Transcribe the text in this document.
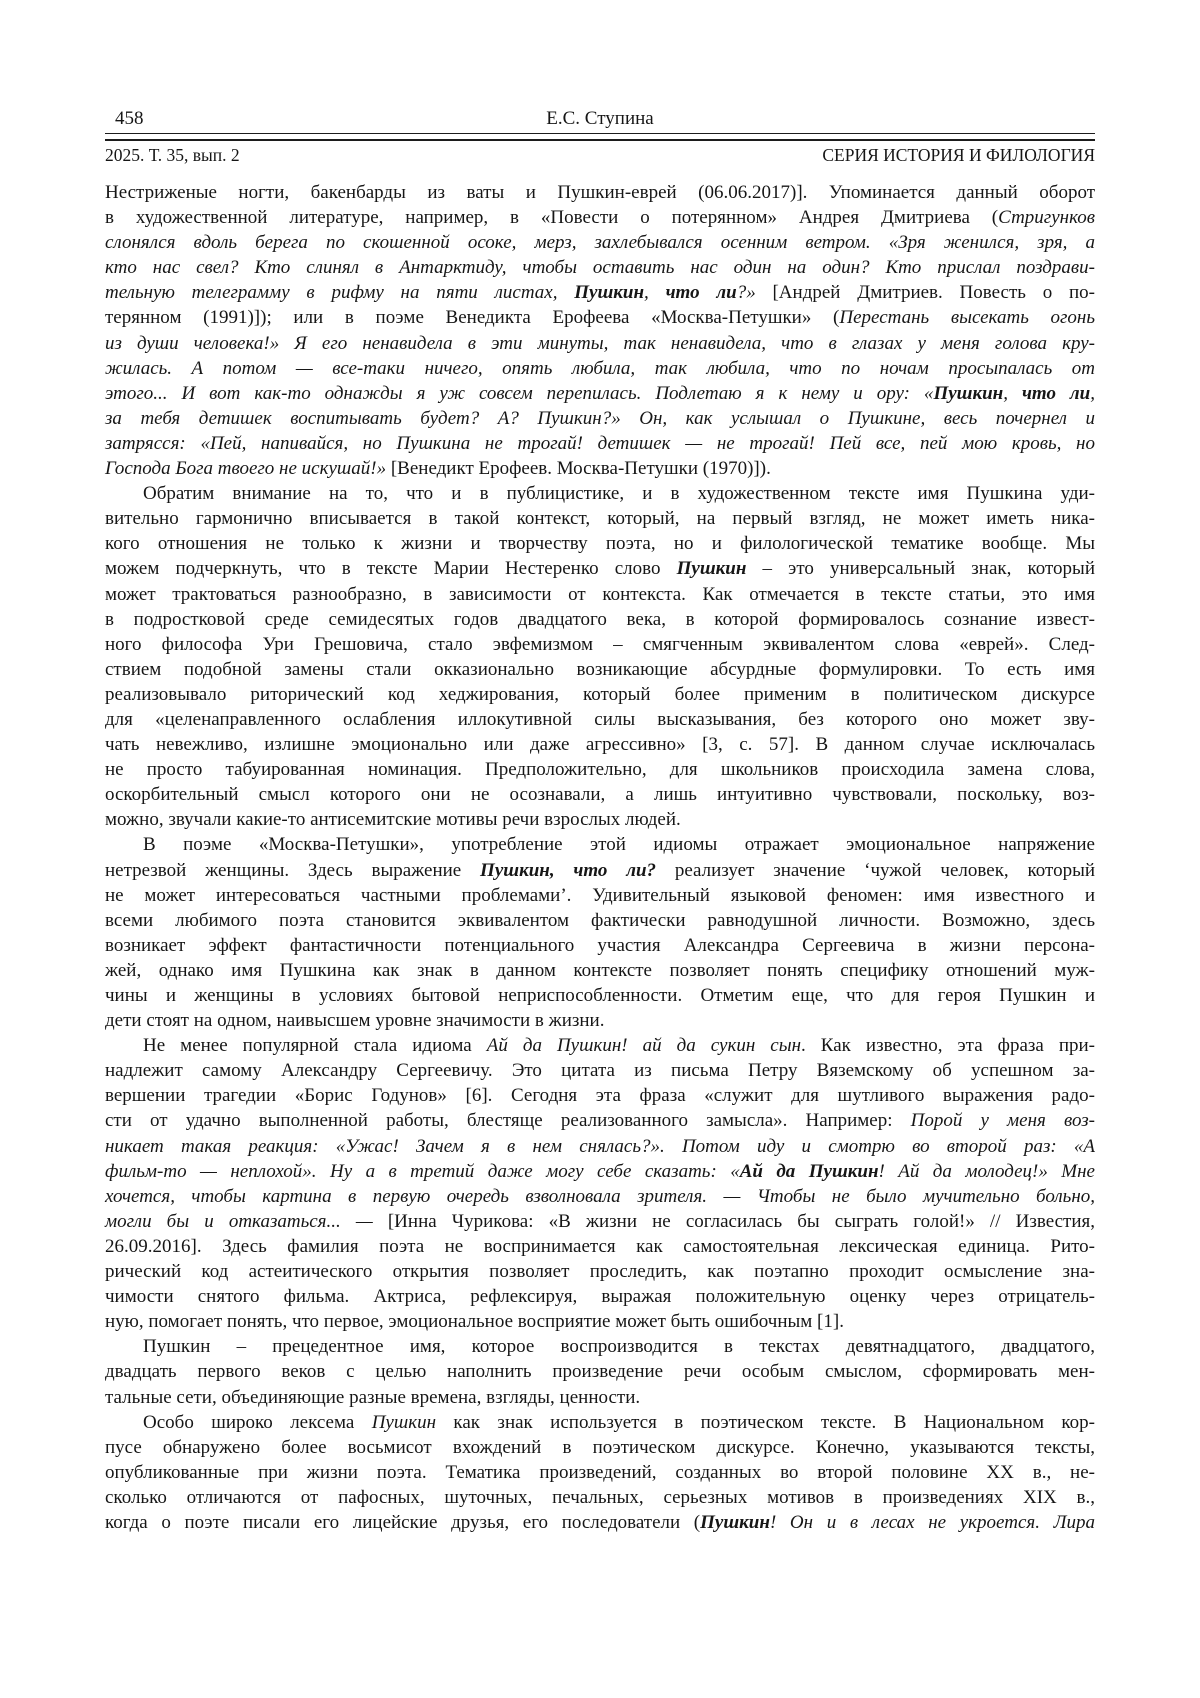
458	Е.С. Ступина
2025. Т. 35, вып. 2	СЕРИЯ ИСТОРИЯ И ФИЛОЛОГИЯ
Нестриженые ногти, бакенбарды из ваты и Пушкин-еврей (06.06.2017)]. Упоминается данный оборот
в художественной литературе, например, в «Повести о потерянном» Андрея Дмитриева (Стригунков
слонялся вдоль берега по скошенной осоке, мерз, захлебывался осенним ветром. «Зря женился, зря, а
кто нас свел? Кто слинял в Антарктиду, чтобы оставить нас один на один? Кто прислал поздрави-
тельную телеграмму в рифму на пяти листах, Пушкин, что ли?» [Андрей Дмитриев. Повесть о по-
терянном (1991)]); или в поэме Венедикта Ерофеева «Москва-Петушки» (Перестань высекать огонь
из души человека!» Я его ненавидела в эти минуты, так ненавидела, что в глазах у меня голова кру-
жилась. А потом — все-таки ничего, опять любила, так любила, что по ночам просыпалась от
этого... И вот как-то однажды я уж совсем перепилась. Подлетаю я к нему и ору: «Пушкин, что ли,
за тебя детишек воспитывать будет? А? Пушкин?» Он, как услышал о Пушкине, весь почернел и
затрясся: «Пей, напивайся, но Пушкина не трогай! детишек — не трогай! Пей все, пей мою кровь, но
Господа Бога твоего не искушай!» [Венедикт Ерофеев. Москва-Петушки (1970)]).
Обратим внимание на то, что и в публицистике, и в художественном тексте имя Пушкина уди-
вительно гармонично вписывается в такой контекст, который, на первый взгляд, не может иметь ника-
кого отношения не только к жизни и творчеству поэта, но и филологической тематике вообще. Мы
можем подчеркнуть, что в тексте Марии Нестеренко слово Пушкин – это универсальный знак, который
может трактоваться разнообразно, в зависимости от контекста. Как отмечается в тексте статьи, это имя
в подростковой среде семидесятых годов двадцатого века, в которой формировалось сознание извест-
ного философа Ури Грешовича, стало эвфемизмом – смягченным эквивалентом слова «еврей». След-
ствием подобной замены стали окказионально возникающие абсурдные формулировки. То есть имя
реализовывало риторический код хеджирования, который более применим в политическом дискурсе
для «целенаправленного ослабления иллокутивной силы высказывания, без которого оно может зву-
чать невежливо, излишне эмоционально или даже агрессивно» [3, с. 57]. В данном случае исключалась
не просто табуированная номинация. Предположительно, для школьников происходила замена слова,
оскорбительный смысл которого они не осознавали, а лишь интуитивно чувствовали, поскольку, воз-
можно, звучали какие-то антисемитские мотивы речи взрослых людей.
В поэме «Москва-Петушки», употребление этой идиомы отражает эмоциональное напряжение
нетрезвой женщины. Здесь выражение Пушкин, что ли? реализует значение ‘чужой человек, который
не может интересоваться частными проблемами’. Удивительный языковой феномен: имя известного и
всеми любимого поэта становится эквивалентом фактически равнодушной личности. Возможно, здесь
возникает эффект фантастичности потенциального участия Александра Сергеевича в жизни персона-
жей, однако имя Пушкина как знак в данном контексте позволяет понять специфику отношений муж-
чины и женщины в условиях бытовой неприспособленности. Отметим еще, что для героя Пушкин и
дети стоят на одном, наивысшем уровне значимости в жизни.
Не менее популярной стала идиома Ай да Пушкин! ай да сукин сын. Как известно, эта фраза при-
надлежит самому Александру Сергеевичу. Это цитата из письма Петру Вяземскому об успешном за-
вершении трагедии «Борис Годунов» [6]. Сегодня эта фраза «служит для шутливого выражения радо-
сти от удачно выполненной работы, блестяще реализованного замысла». Например: Порой у меня воз-
никает такая реакция: «Ужас! Зачем я в нем снялась?». Потом иду и смотрю во второй раз: «А
фильм-то — неплохой». Ну а в третий даже могу себе сказать: «Ай да Пушкин! Ай да молодец!» Мне
хочется, чтобы картина в первую очередь взволновала зрителя. — Чтобы не было мучительно больно,
могли бы и отказаться... — [Инна Чурикова: «В жизни не согласилась бы сыграть голой!» // Известия,
26.09.2016]. Здесь фамилия поэта не воспринимается как самостоятельная лексическая единица. Рито-
рический код астеитического открытия позволяет проследить, как поэтапно проходит осмысление зна-
чимости снятого фильма. Актриса, рефлексируя, выражая положительную оценку через отрицатель-
ную, помогает понять, что первое, эмоциональное восприятие может быть ошибочным [1].
Пушкин – прецедентное имя, которое воспроизводится в текстах девятнадцатого, двадцатого,
двадцать первого веков с целью наполнить произведение речи особым смыслом, сформировать мен-
тальные сети, объединяющие разные времена, взгляды, ценности.
Особо широко лексема Пушкин как знак используется в поэтическом тексте. В Национальном кор-
пусе обнаружено более восьмисот вхождений в поэтическом дискурсе. Конечно, указываются тексты,
опубликованные при жизни поэта. Тематика произведений, созданных во второй половине XX в., не-
сколько отличаются от пафосных, шуточных, печальных, серьезных мотивов в произведениях XIX в.,
когда о поэте писали его лицейские друзья, его последователи (Пушкин! Он и в лесах не укроется. Лира
